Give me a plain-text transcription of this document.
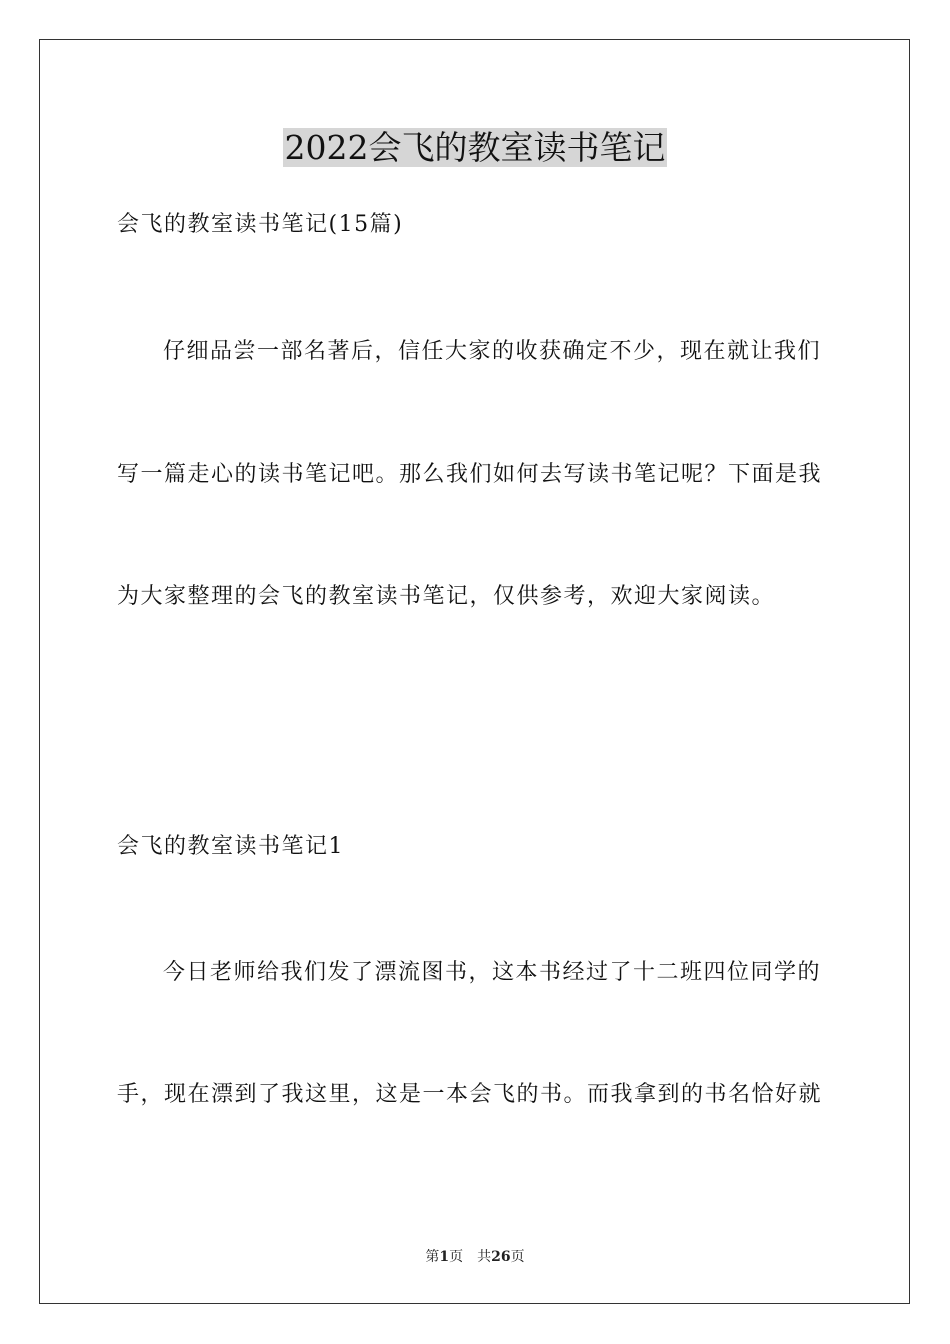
2022会飞的教室读书笔记
会飞的教室读书笔记(15篇)
仔细品尝一部名著后，信任大家的收获确定不少，现在就让我们
写一篇走心的读书笔记吧。那么我们如何去写读书笔记呢？下面是我
为大家整理的会飞的教室读书笔记，仅供参考，欢迎大家阅读。
会飞的教室读书笔记1
今日老师给我们发了漂流图书，这本书经过了十二班四位同学的
手，现在漂到了我这里，这是一本会飞的书。而我拿到的书名恰好就
第1页 共26页
